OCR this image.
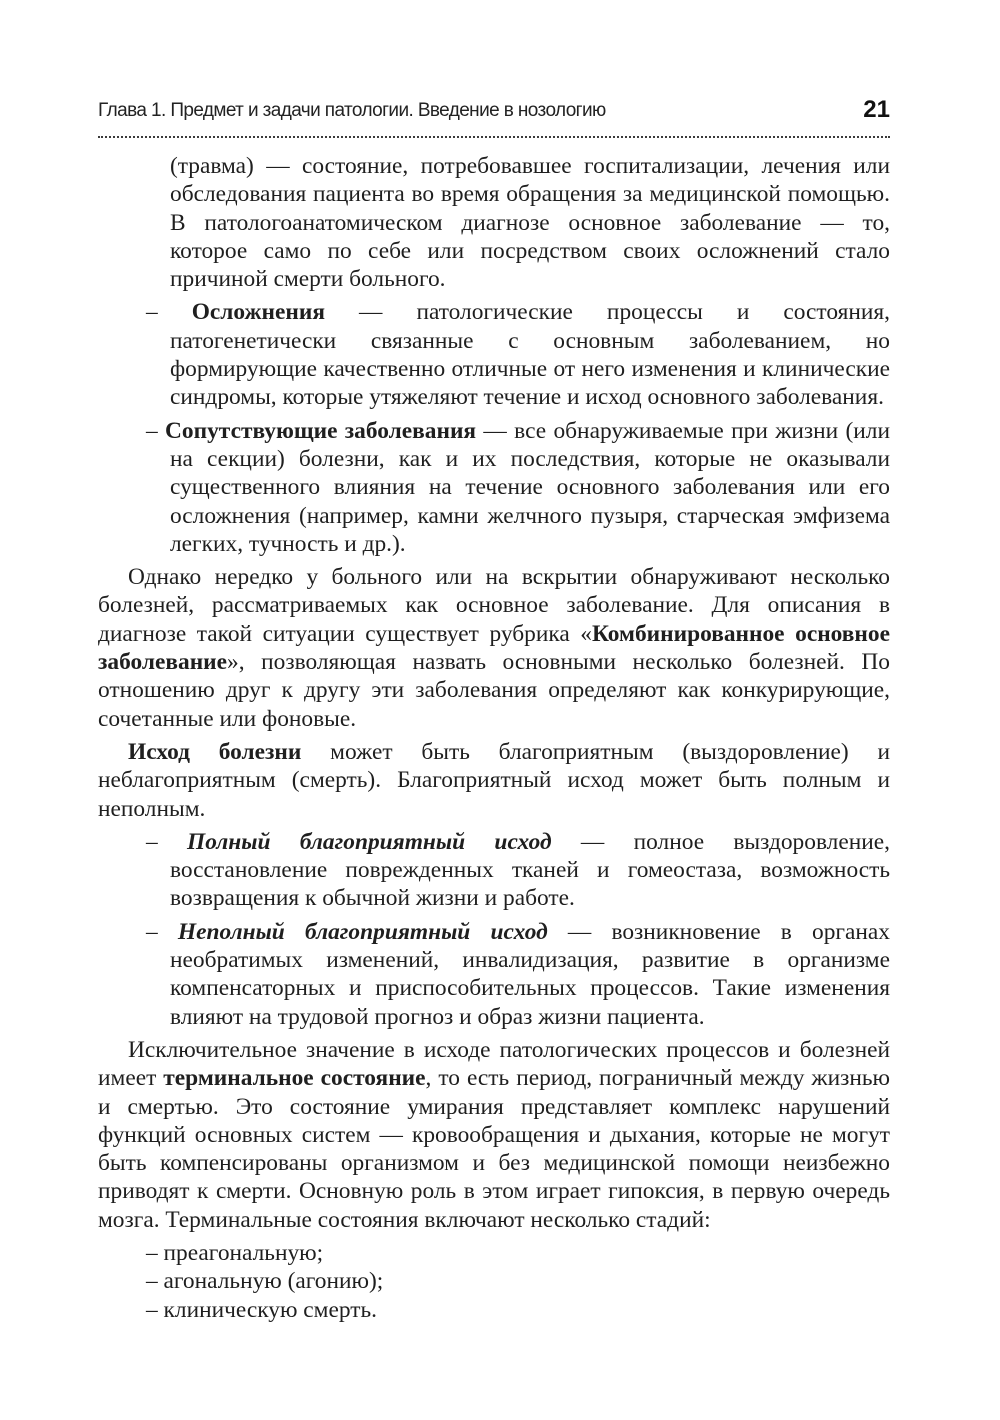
Глава 1. Предмет и задачи патологии. Введение в нозологию	21

(травма) — состояние, потребовавшее госпитализации, лечения или обследования пациента во время обращения за медицинской помощью. В патологоанатомическом диагнозе основное заболевание — то, которое само по себе или посредством своих осложнений стало причиной смерти больного.

– Осложнения — патологические процессы и состояния, патогенетически связанные с основным заболеванием, но формирующие качественно отличные от него изменения и клинические синдромы, которые утяжеляют течение и исход основного заболевания.

– Сопутствующие заболевания — все обнаруживаемые при жизни (или на секции) болезни, как и их последствия, которые не оказывали существенного влияния на течение основного заболевания или его осложнения (например, камни желчного пузыря, старческая эмфизема легких, тучность и др.).

Однако нередко у больного или на вскрытии обнаруживают несколько болезней, рассматриваемых как основное заболевание. Для описания в диагнозе такой ситуации существует рубрика «Комбинированное основное заболевание», позволяющая назвать основными несколько болезней. По отношению друг к другу эти заболевания определяют как конкурирующие, сочетанные или фоновые.

Исход болезни может быть благоприятным (выздоровление) и неблагоприятным (смерть). Благоприятный исход может быть полным и неполным.

– Полный благоприятный исход — полное выздоровление, восстановление поврежденных тканей и гомеостаза, возможность возвращения к обычной жизни и работе.

– Неполный благоприятный исход — возникновение в органах необратимых изменений, инвалидизация, развитие в организме компенсаторных и приспособительных процессов. Такие изменения влияют на трудовой прогноз и образ жизни пациента.

Исключительное значение в исходе патологических процессов и болезней имеет терминальное состояние, то есть период, пограничный между жизнью и смертью. Это состояние умирания представляет комплекс нарушений функций основных систем — кровообращения и дыхания, которые не могут быть компенсированы организмом и без медицинской помощи неизбежно приводят к смерти. Основную роль в этом играет гипоксия, в первую очередь мозга. Терминальные состояния включают несколько стадий:

– преагональную;
– агональную (агонию);
– клиническую смерть.
